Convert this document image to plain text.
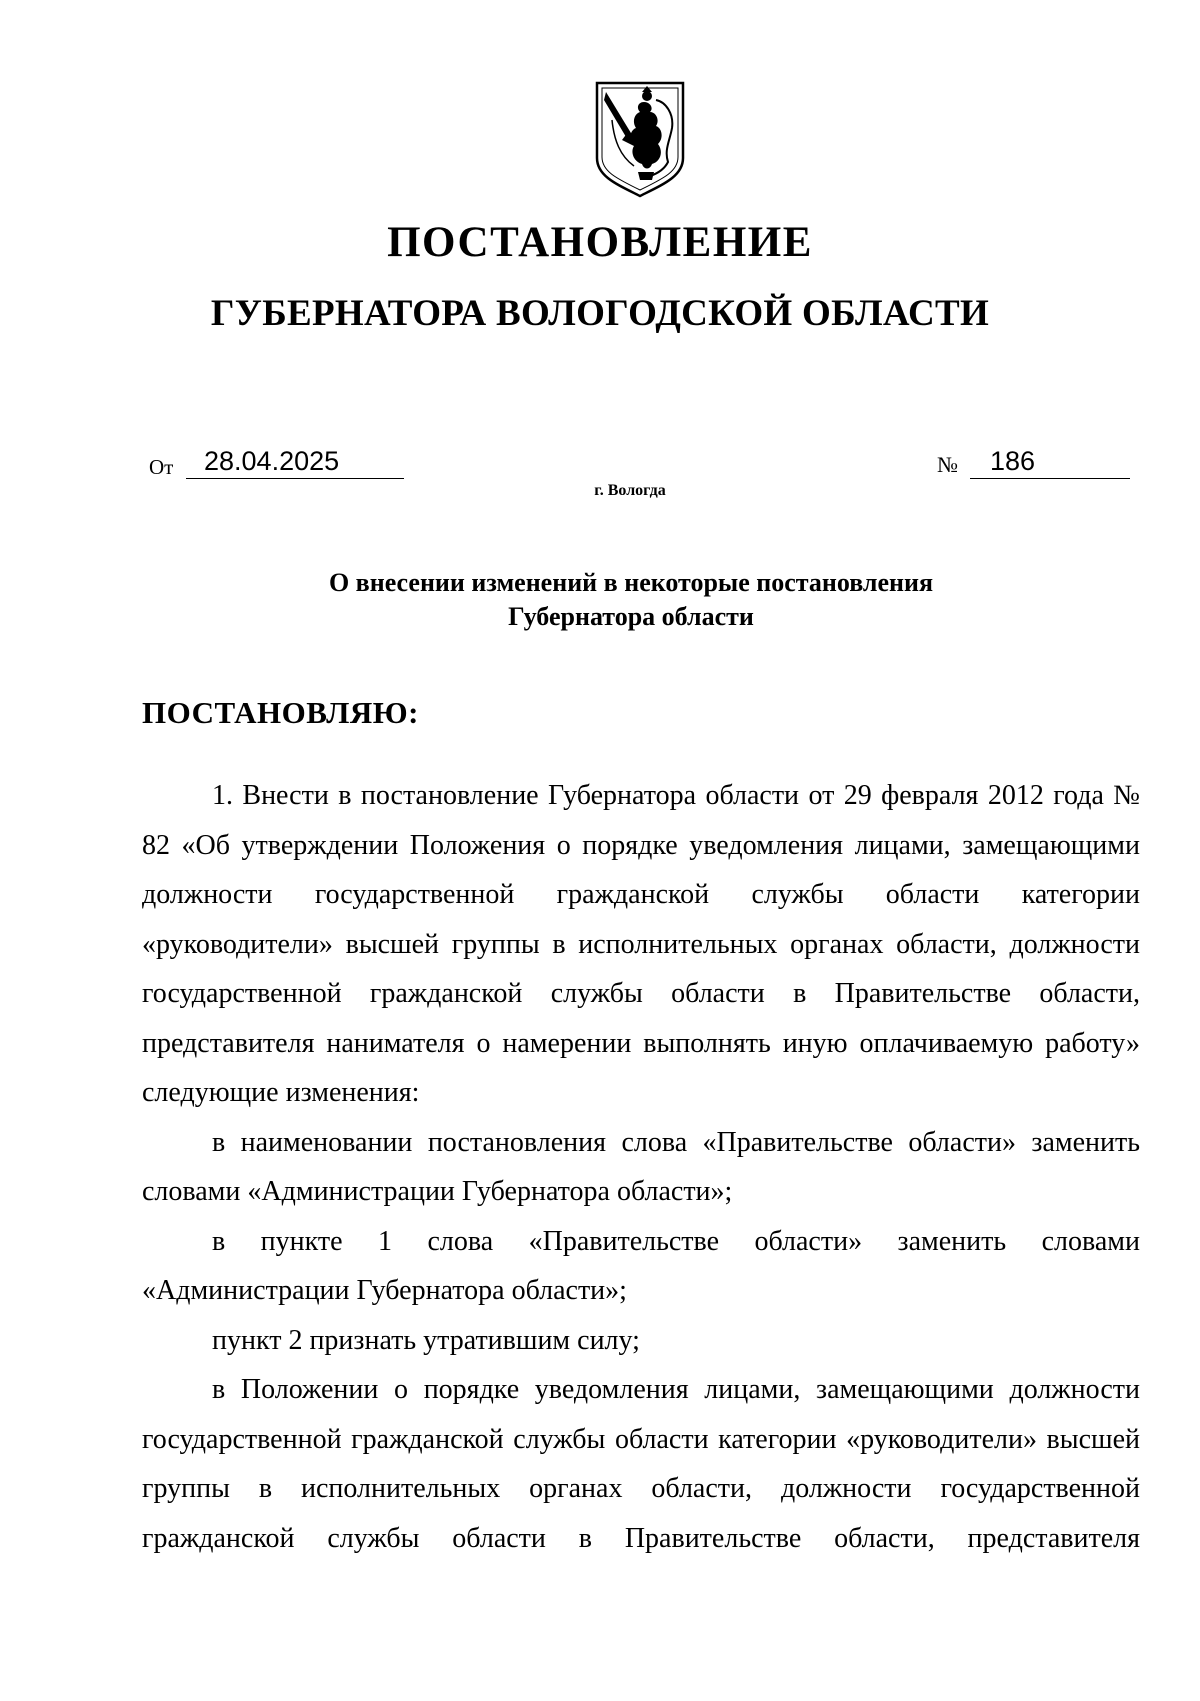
ПОСТАНОВЛЕНИЕ
ГУБЕРНАТОРА ВОЛОГОДСКОЙ ОБЛАСТИ
От 28.04.2025	№ 186
г. Вологда
О внесении изменений в некоторые постановления
Губернатора области
ПОСТАНОВЛЯЮ:

1. Внести в постановление Губернатора области от 29 февраля 2012 года № 82 «Об утверждении Положения о порядке уведомления лицами, замещающими должности государственной гражданской службы области категории «руководители» высшей группы в исполнительных органах области, должности государственной гражданской службы области в Правительстве области, представителя нанимателя о намерении выполнять иную оплачиваемую работу» следующие изменения:

в наименовании постановления слова «Правительстве области» заменить словами «Администрации Губернатора области»;

в пункте 1 слова «Правительстве области» заменить словами «Администрации Губернатора области»;

пункт 2 признать утратившим силу;

в Положении о порядке уведомления лицами, замещающими должности государственной гражданской службы области категории «руководители» высшей группы в исполнительных органах области, должности государственной гражданской службы области в Правительстве области, представителя
